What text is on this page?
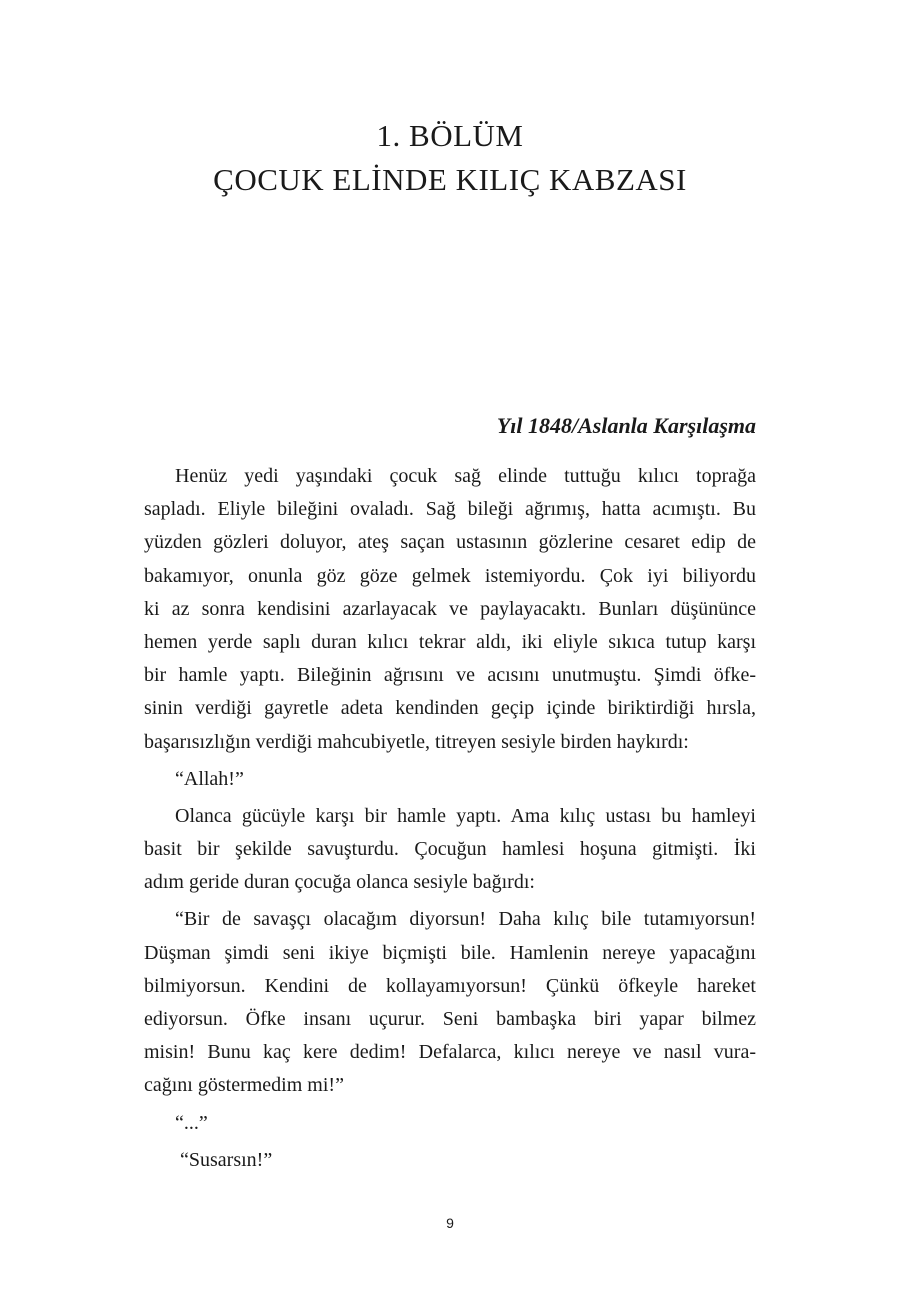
1. BÖLÜM
ÇOCUK ELİNDE KILIÇ KABZASI
Yıl 1848/Aslanla Karşılaşma
Henüz yedi yaşındaki çocuk sağ elinde tuttuğu kılıcı toprağa
sapladı. Eliyle bileğini ovaladı. Sağ bileği ağrımış, hatta acımıştı. Bu
yüzden gözleri doluyor, ateş saçan ustasının gözlerine cesaret edip de
bakamıyor, onunla göz göze gelmek istemiyordu. Çok iyi biliyordu
ki az sonra kendisini azarlayacak ve paylayacaktı. Bunları düşününce
hemen yerde saplı duran kılıcı tekrar aldı, iki eliyle sıkıca tutup karşı
bir hamle yaptı. Bileğinin ağrısını ve acısını unutmuştu. Şimdi öfke-
sinin verdiği gayretle adeta kendinden geçip içinde biriktirdiği hırsla,
başarısızlığın verdiği mahcubiyetle, titreyen sesiyle birden haykırdı:
“Allah!”
Olanca gücüyle karşı bir hamle yaptı. Ama kılıç ustası bu hamleyi
basit bir şekilde savuşturdu. Çocuğun hamlesi hoşuna gitmişti. İki
adım geride duran çocuğa olanca sesiyle bağırdı:
“Bir de savaşçı olacağım diyorsun! Daha kılıç bile tutamıyorsun!
Düşman şimdi seni ikiye biçmişti bile. Hamlenin nereye yapacağını
bilmiyorsun. Kendini de kollayamıyorsun! Çünkü öfkeyle hareket
ediyorsun. Öfke insanı uçurur. Seni bambaşka biri yapar bilmez
misin! Bunu kaç kere dedim! Defalarca, kılıcı nereye ve nasıl vura-
cağını göstermedim mi!”
“...”
“Susarsın!”
9
